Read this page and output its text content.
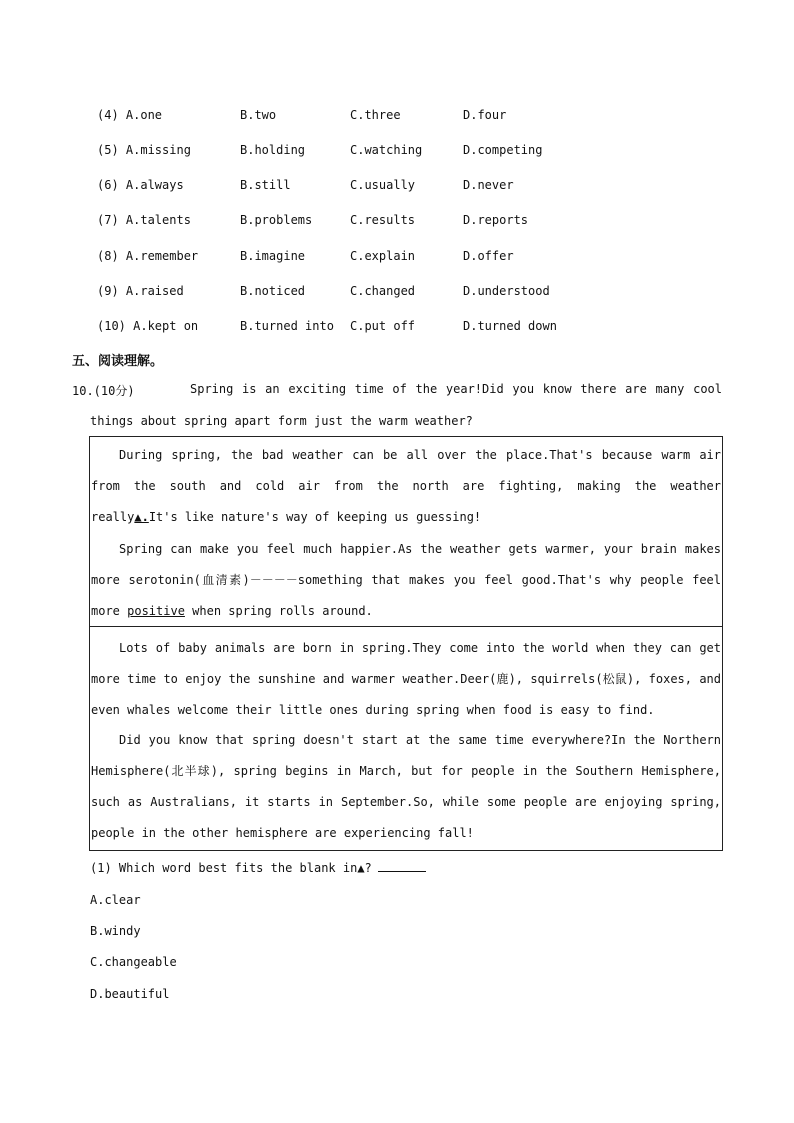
(4) A.one	B.two	C.three	D.four
(5) A.missing	B.holding	C.watching	D.competing
(6) A.always	B.still	C.usually	D.never
(7) A.talents	B.problems	C.results	D.reports
(8) A.remember	B.imagine	C.explain	D.offer
(9) A.raised	B.noticed	C.changed	D.understood
(10) A.kept on	B.turned into C.put off	D.turned down
五、阅读理解。
10.(10分)	Spring is an exciting time of the year!Did you know there are many cool
things about spring apart form just the warm weather?
During spring, the bad weather can be all over the place.That's because warm air from the south and cold air from the north are fighting, making the weather really▲.It's like nature's way of keeping us guessing!
Spring can make you feel much happier.As the weather gets warmer, your brain makes more serotonin(血清素)－－－－something that makes you feel good.That's why people feel more positive when spring rolls around.
Lots of baby animals are born in spring.They come into the world when they can get more time to enjoy the sunshine and warmer weather.Deer(鹿), squirrels(松鼠), foxes, and even whales welcome their little ones during spring when food is easy to find.
Did you know that spring doesn't start at the same time everywhere?In the Northern Hemisphere(北半球), spring begins in March, but for people in the Southern Hemisphere, such as Australians, it starts in September.So, while some people are enjoying spring, people in the other hemisphere are experiencing fall!
(1) Which word best fits the blank in▲?
A.clear
B.windy
C.changeable
D.beautiful
